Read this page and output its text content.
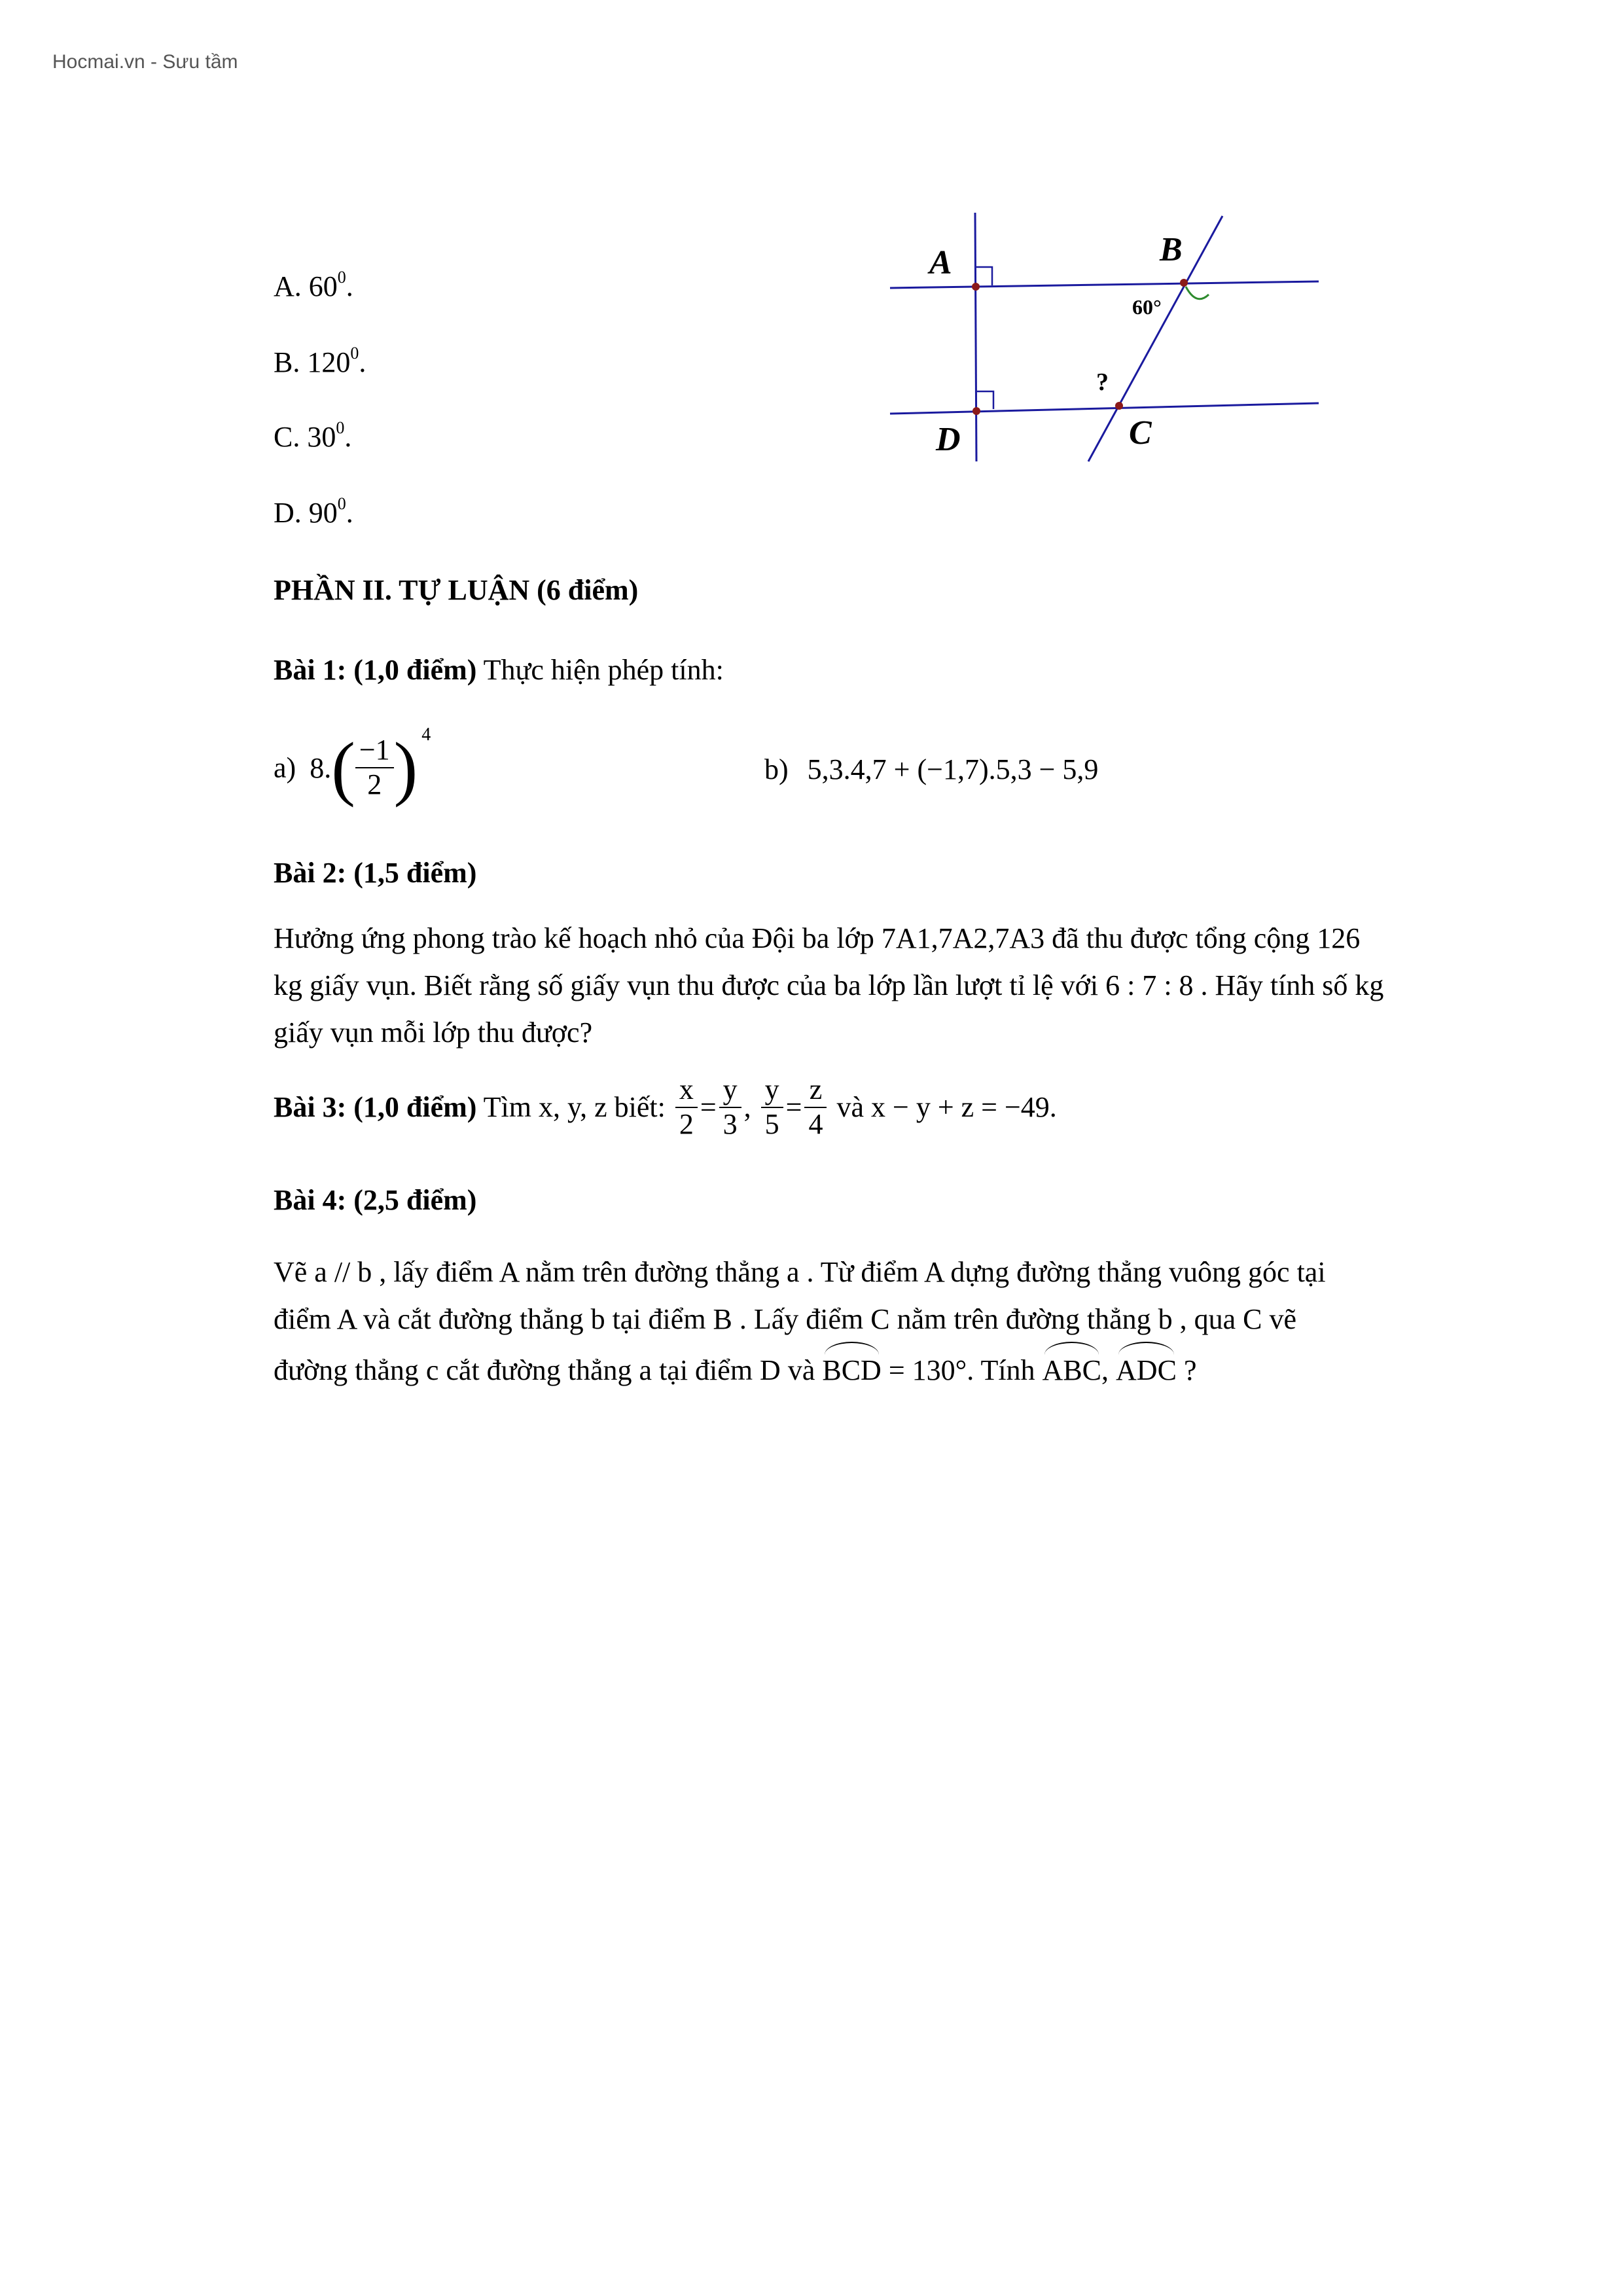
Hocmai.vn - Sưu tầm
A. $60^0$.
B. $120^0$.
C. $30^0$.
D. $90^0$.
A	B
D	C
60°
?
PHẦN II. TỰ LUẬN (6 điểm)
Bài 1: (1,0 điểm) Thực hiện phép tính:
a) $8.( \frac{-1}{2}$ ) $^4$
b) 5,3.4,7 + (−1,7).5,3 − 5,9
Bài 2: (1,5 điểm)
Hưởng ứng phong trào kế hoạch nhỏ của Đội ba lớp 7A1,7A2,7A3 đã thu được tổng cộng 126
kg giấy vụn. Biết rằng số giấy vụn thu được của ba lớp lần lượt tỉ lệ với 6 : 7 : 8 . Hãy tính số kg
giấy vụn mỗi lớp thu được?
Bài 3: (1,0 điểm) Tìm x, y, z biết: $\frac{x}{2} = \frac{y}{3}$ , $\frac{y}{5} = \frac{z}{4}$ và x − y + z = −49.
Bài 4: (2,5 điểm)
Vẽ a // b , lấy điểm A nằm trên đường thẳng a . Từ điểm A dựng đường thẳng vuông góc tại
điểm A và cắt đường thẳng b tại điểm B . Lấy điểm C nằm trên đường thẳng b , qua C vẽ
đường thẳng c cắt đường thẳng a tại điểm D và BCD = 130°. Tính ABC, ADC ?
